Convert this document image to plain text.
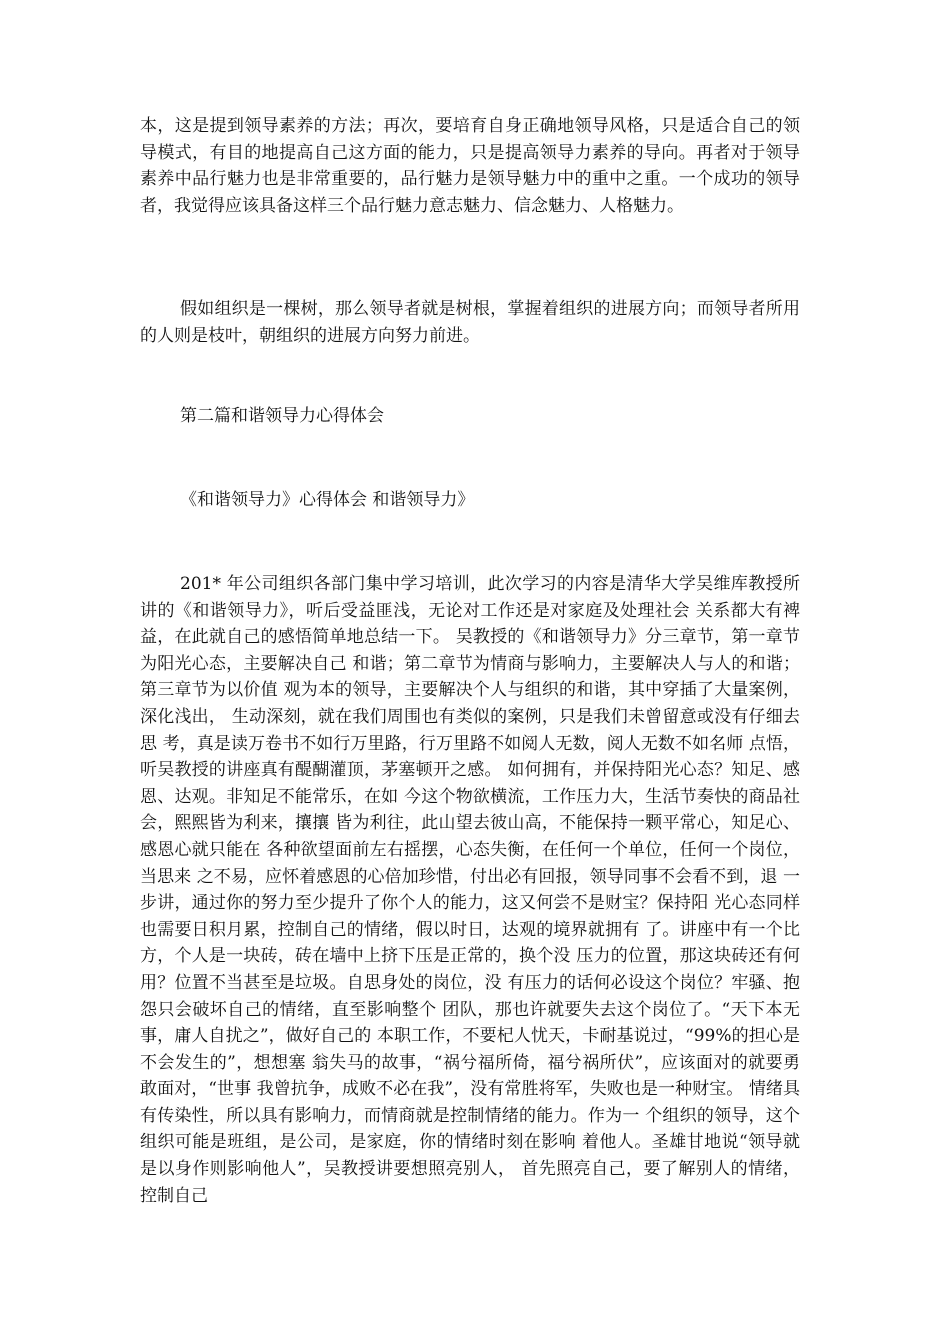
本，这是提到领导素养的方法；再次，要培育自身正确地领导风格，只是适合自己的领导模式，有目的地提高自己这方面的能力，只是提高领导力素养的导向。再者对于领导素养中品行魅力也是非常重要的，品行魅力是领导魅力中的重中之重。一个成功的领导者，我觉得应该具备这样三个品行魅力意志魅力、信念魅力、人格魅力。

假如组织是一棵树，那么领导者就是树根，掌握着组织的进展方向；而领导者所用的人则是枝叶，朝组织的进展方向努力前进。

第二篇和谐领导力心得体会

《和谐领导力》心得体会 和谐领导力》

201* 年公司组织各部门集中学习培训，此次学习的内容是清华大学吴维库教授所讲的《和谐领导力》，听后受益匪浅，无论对工作还是对家庭及处理社会 关系都大有裨益，在此就自己的感悟简单地总结一下。 吴教授的《和谐领导力》分三章节，第一章节为阳光心态，主要解决自己 和谐；第二章节为情商与影响力，主要解决人与人的和谐；第三章节为以价值 观为本的领导，主要解决个人与组织的和谐，其中穿插了大量案例，深化浅出， 生动深刻，就在我们周围也有类似的案例，只是我们未曾留意或没有仔细去思 考，真是读万卷书不如行万里路，行万里路不如阅人无数，阅人无数不如名师 点悟，听吴教授的讲座真有醍醐灌顶，茅塞顿开之感。 如何拥有，并保持阳光心态？知足、感恩、达观。非知足不能常乐，在如 今这个物欲横流，工作压力大，生活节奏快的商品社会，熙熙皆为利来，攘攘 皆为利往，此山望去彼山高，不能保持一颗平常心，知足心、感恩心就只能在 各种欲望面前左右摇摆，心态失衡，在任何一个单位，任何一个岗位，当思来 之不易，应怀着感恩的心倍加珍惜，付出必有回报，领导同事不会看不到，退 一步讲，通过你的努力至少提升了你个人的能力，这又何尝不是财宝？保持阳 光心态同样也需要日积月累，控制自己的情绪，假以时日，达观的境界就拥有 了。讲座中有一个比方，个人是一块砖，砖在墙中上挤下压是正常的，换个没 压力的位置，那这块砖还有何用？位置不当甚至是垃圾。自思身处的岗位，没 有压力的话何必设这个岗位？牢骚、抱怨只会破坏自己的情绪，直至影响整个 团队，那也许就要失去这个岗位了。“天下本无事，庸人自扰之”，做好自己的 本职工作，不要杞人忧天，卡耐基说过，“99%的担心是不会发生的”，想想塞 翁失马的故事，“祸兮福所倚，福兮祸所伏”，应该面对的就要勇敢面对，“世事 我曾抗争，成败不必在我”，没有常胜将军，失败也是一种财宝。 情绪具有传染性，所以具有影响力，而情商就是控制情绪的能力。作为一 个组织的领导，这个组织可能是班组，是公司，是家庭，你的情绪时刻在影响 着他人。圣雄甘地说“领导就是以身作则影响他人”，吴教授讲要想照亮别人， 首先照亮自己，要了解别人的情绪，控制自己
